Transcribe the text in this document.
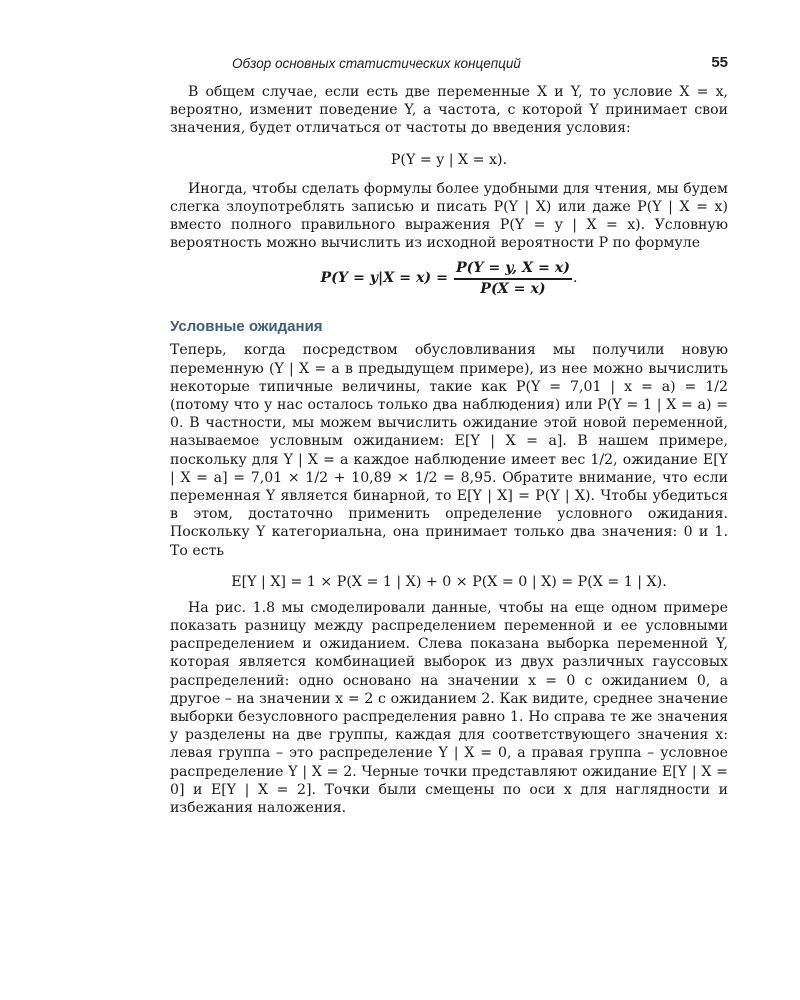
Обзор основных статистических концепций	55

В общем случае, если есть две переменные X и Y, то условие X = x, вероятно, изменит поведение Y, а частота, с которой Y принимает свои значения, будет отличаться от частоты до введения условия:

P(Y = y | X = x).

Иногда, чтобы сделать формулы более удобными для чтения, мы будем слегка злоупотреблять записью и писать P(Y | X) или даже P(Y | X = x) вместо полного правильного выражения P(Y = y | X = x). Условную вероятность можно вычислить из исходной вероятности P по формуле

$P(Y = y|X = x) = \frac{P(Y = y, X = x)}{P(X = x)}$ .
Условные ожидания

Теперь, когда посредством обусловливания мы получили новую переменную (Y | X = a в предыдущем примере), из нее можно вычислить некоторые типичные величины, такие как P(Y = 7,01 | x = a) = 1/2 (потому что у нас осталось только два наблюдения) или P(Y = 1 | X = a) = 0. В частности, мы можем вычислить ожидание этой новой переменной, называемое условным ожиданием: E[Y | X = a]. В нашем примере, поскольку для Y | X = a каждое наблюдение имеет вес 1/2, ожидание E[Y | X = a] = 7,01 × 1/2 + 10,89 × 1/2 = 8,95. Обратите внимание, что если переменная Y является бинарной, то E[Y | X] = P(Y | X). Чтобы убедиться в этом, достаточно применить определение условного ожидания. Поскольку Y категориальна, она принимает только два значения: 0 и 1. То есть

E[Y | X] = 1 × P(X = 1 | X) + 0 × P(X = 0 | X) = P(X = 1 | X).

На рис. 1.8 мы смоделировали данные, чтобы на еще одном примере показать разницу между распределением переменной и ее условными распределением и ожиданием. Слева показана выборка переменной Y, которая является комбинацией выборок из двух различных гауссовых распределений: одно основано на значении x = 0 с ожиданием 0, а другое – на значении x = 2 с ожиданием 2. Как видите, среднее значение выборки безусловного распределения равно 1. Но справа те же значения y разделены на две группы, каждая для соответствующего значения x: левая группа – это распределение Y | X = 0, а правая группа – условное распределение Y | X = 2. Черные точки представляют ожидание E[Y | X = 0] и E[Y | X = 2]. Точки были смещены по оси x для наглядности и избежания наложения.
